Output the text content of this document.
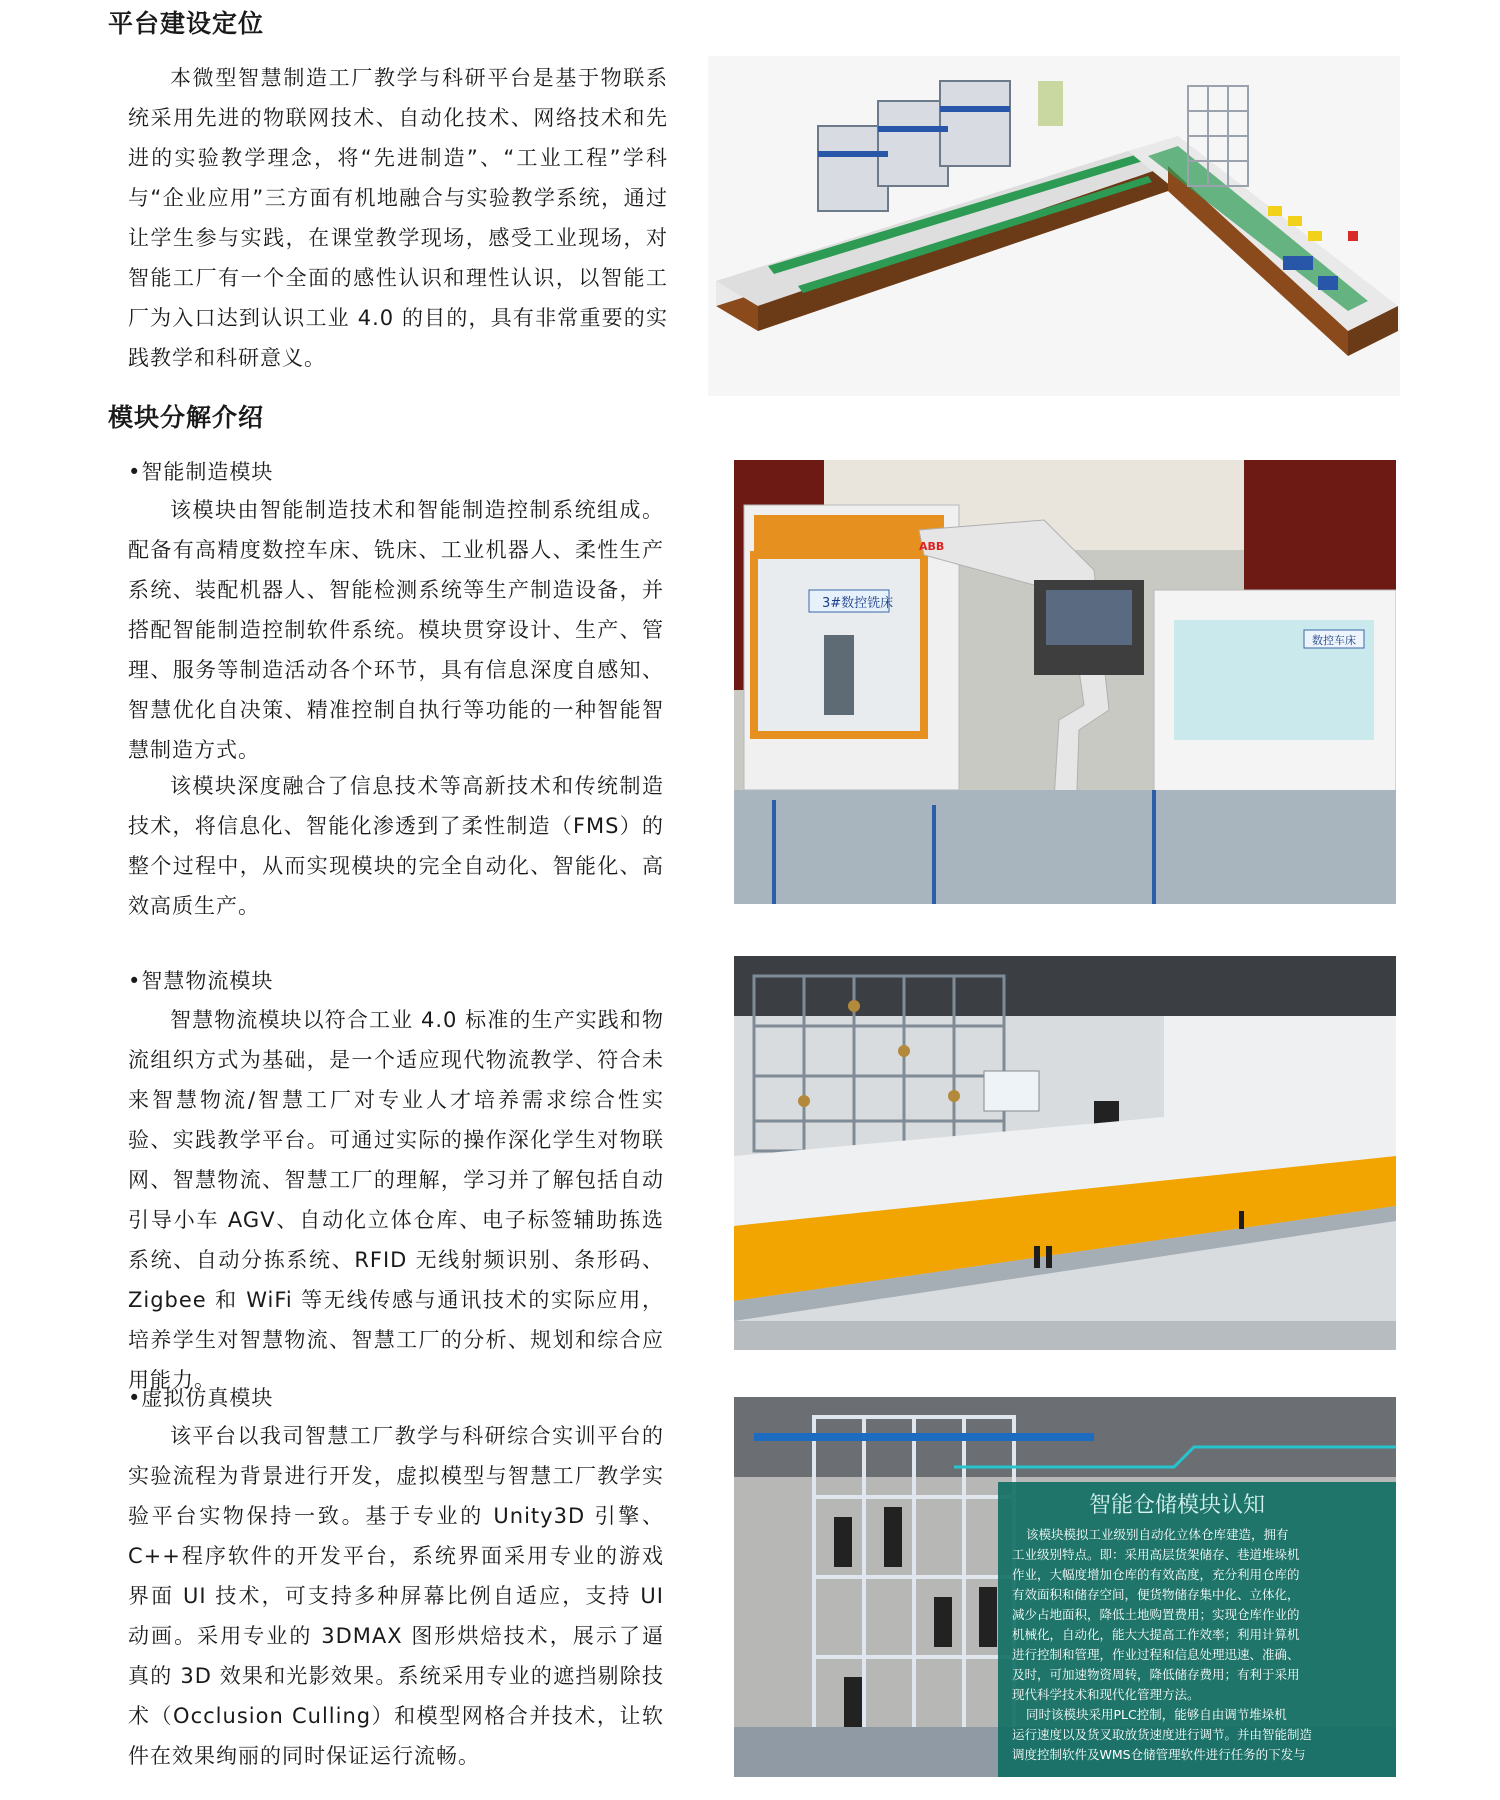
平台建设定位

本微型智慧制造工厂教学与科研平台是基于物联系统采用先进的物联网技术、自动化技术、网络技术和先进的实验教学理念，将“先进制造”、“工业工程”学科与“企业应用”三方面有机地融合与实验教学系统，通过让学生参与实践，在课堂教学现场，感受工业现场，对智能工厂有一个全面的感性认识和理性认识，以智能工厂为入口达到认识工业 4.0 的目的，具有非常重要的实践教学和科研意义。

模块分解介绍

•智能制造模块

该模块由智能制造技术和智能制造控制系统组成。配备有高精度数控车床、铣床、工业机器人、柔性生产系统、装配机器人、智能检测系统等生产制造设备，并搭配智能制造控制软件系统。模块贯穿设计、生产、管理、服务等制造活动各个环节，具有信息深度自感知、智慧优化自决策、精准控制自执行等功能的一种智能智慧制造方式。

该模块深度融合了信息技术等高新技术和传统制造技术，将信息化、智能化渗透到了柔性制造（FMS）的整个过程中，从而实现模块的完全自动化、智能化、高效高质生产。

3#数控铣床
ABB
数控车床

•智慧物流模块

智慧物流模块以符合工业 4.0 标准的生产实践和物流组织方式为基础，是一个适应现代物流教学、符合未来智慧物流/智慧工厂对专业人才培养需求综合性实验、实践教学平台。可通过实际的操作深化学生对物联网、智慧物流、智慧工厂的理解，学习并了解包括自动引导小车 AGV、自动化立体仓库、电子标签辅助拣选系统、自动分拣系统、RFID 无线射频识别、条形码、Zigbee 和 WiFi 等无线传感与通讯技术的实际应用，培养学生对智慧物流、智慧工厂的分析、规划和综合应用能力。

•虚拟仿真模块

该平台以我司智慧工厂教学与科研综合实训平台的实验流程为背景进行开发，虚拟模型与智慧工厂教学实验平台实物保持一致。基于专业的 Unity3D 引擎、C++程序软件的开发平台，系统界面采用专业的游戏界面 UI 技术，可支持多种屏幕比例自适应，支持 UI 动画。采用专业的 3DMAX 图形烘焙技术，展示了逼真的 3D 效果和光影效果。系统采用专业的遮挡剔除技术（Occlusion Culling）和模型网格合并技术，让软件在效果绚丽的同时保证运行流畅。

智能仓储模块认知
该模块模拟工业级别自动化立体仓库建造，拥有
工业级别特点。即：采用高层货架储存、巷道堆垛机
作业，大幅度增加仓库的有效高度，充分利用仓库的
有效面积和储存空间，便货物储存集中化、立体化，
减少占地面积，降低土地购置费用；实现仓库作业的
机械化，自动化，能大大提高工作效率；利用计算机
进行控制和管理，作业过程和信息处理迅速、准确、
及时，可加速物资周转，降低储存费用；有利于采用
现代科学技术和现代化管理方法。
同时该模块采用PLC控制，能够自由调节堆垛机
运行速度以及货叉取放货速度进行调节。并由智能制造
调度控制软件及WMS仓储管理软件进行任务的下发与
